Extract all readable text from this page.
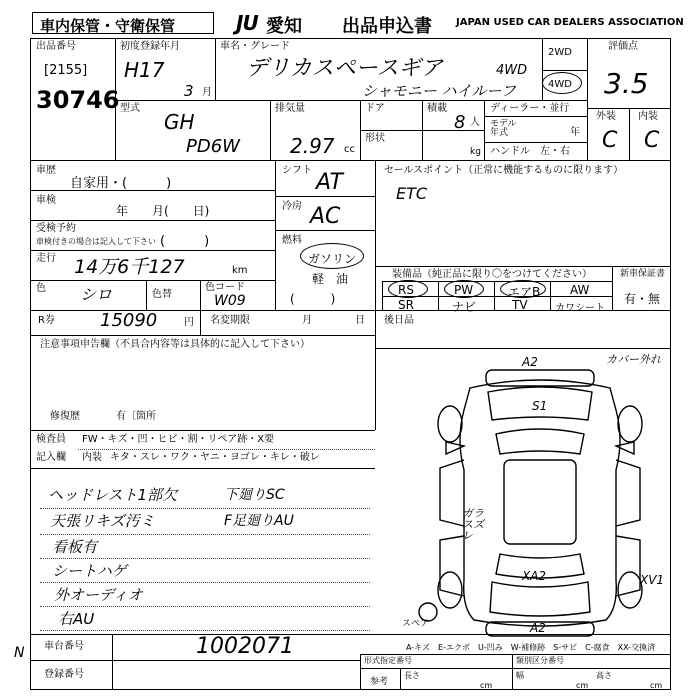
車内保管・守衛保管	JU 愛知 出品申込書 JAPAN USED CAR DEALERS ASSOCIATION
出品番号
[2155]
30746
初度登録年月
H17
3 月
車名・グレード
デリカスペースギア	4WD
シャモニー ハイルーフ
2WD
4WD
評価点
3.5
外装 内装
C C
型式
GH
PD6W
排気量
2.97 cc
ドア
形状
積載
kg
8 人
ディーラー・並行
モデル年式	年
ハンドル 左・右
車歴
自家用・(　　　)
車検
年　　月(　　日)
受検予約
車検付きの場合は記入して下さい (　　　)
走行 14万6千127	km
色 シロ	色替
色コード
W09
シフト AT
冷房 AC
燃料
ガソリン
軽　油
(　　　)
R券	15090	円 名変期限	月	日
注意事項申告欄（不具合内容等は具体的に記入して下さい）
修復歴	有〔箇所
検査員
記入欄
FW・キズ・凹・ヒビ・割・リペア跡・X要
内装 キタ・スレ・ワク・ヤニ・ヨゴレ・キレ・破レ
ヘッドレスト1部欠
天張リキズ汚ミ
看板有
シートハゲ
外オーディオ
右AU
下廻りSC
F足廻りAU
セールスポイント（正常に機能するものに限ります）
ETC
装備品（純正品に限り〇をつけてください）
RS	PW	エアB AW
SR	ナビ	TV	カワシート
新車保証書
有・無
後日品
A2	カバー外れ
S1
ガラスズレ
XA2	XV1
A2
スペア
A-キズ　E-エクボ　U-凹み　W-補修跡　S-サビ　C-腐食　XX-交換済
車台番号	1002071
登録番号
形式指定番号	類別区分番号
参考
長さ
cm
幅
cm
高さ
cm
N
